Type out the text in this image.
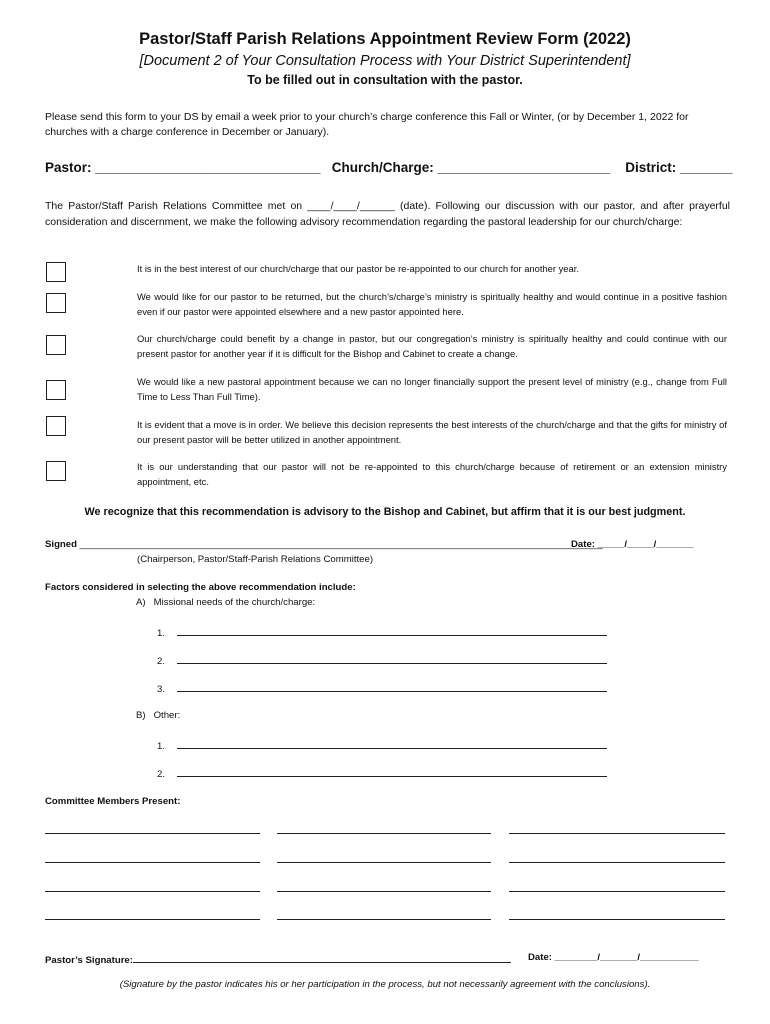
Pastor/Staff Parish Relations Appointment Review Form (2022)
[Document 2 of Your Consultation Process with Your District Superintendent]
To be filled out in consultation with the pastor.
Please send this form to your DS by email a week prior to your church’s charge conference this Fall or Winter, (or by December 1, 2022 for churches with a charge conference in December or January).
Pastor: ______________________________   Church/Charge: _______________________    District: _______
The Pastor/Staff Parish Relations Committee met on ____/____/______ (date). Following our discussion with our pastor, and after prayerful consideration and discernment, we make the following advisory recommendation regarding the pastoral leadership for our church/charge:
It is in the best interest of our church/charge that our pastor be re-appointed to our church for another year.
We would like for our pastor to be returned, but the church’s/charge’s ministry is spiritually healthy and would continue in a positive fashion even if our pastor were appointed elsewhere and a new pastor appointed here.
Our church/charge could benefit by a change in pastor, but our congregation’s ministry is spiritually healthy and could continue with our present pastor for another year if it is difficult for the Bishop and Cabinet to create a change.
We would like a new pastoral appointment because we can no longer financially support the present level of ministry (e.g., change from Full Time to Less Than Full Time).
It is evident that a move is in order. We believe this decision represents the best interests of the church/charge and that the gifts for ministry of our present pastor will be better utilized in another appointment.
It is our understanding that our pastor will not be re-appointed to this church/charge because of retirement or an extension ministry appointment, etc.
We recognize that this recommendation is advisory to the Bishop and Cabinet, but affirm that it is our best judgment.
Signed __________________________________________________________________________________________________
Date: _____/_____/_______
(Chairperson, Pastor/Staff-Parish Relations Committee)
Factors considered in selecting the above recommendation include:
A) Missional needs of the church/charge:
1.
2.
3.
B) Other:
1.
2.
Committee Members Present:
Pastor’s Signature:	Date: ________/_______/___________
(Signature by the pastor indicates his or her participation in the process, but not necessarily agreement with the conclusions).
